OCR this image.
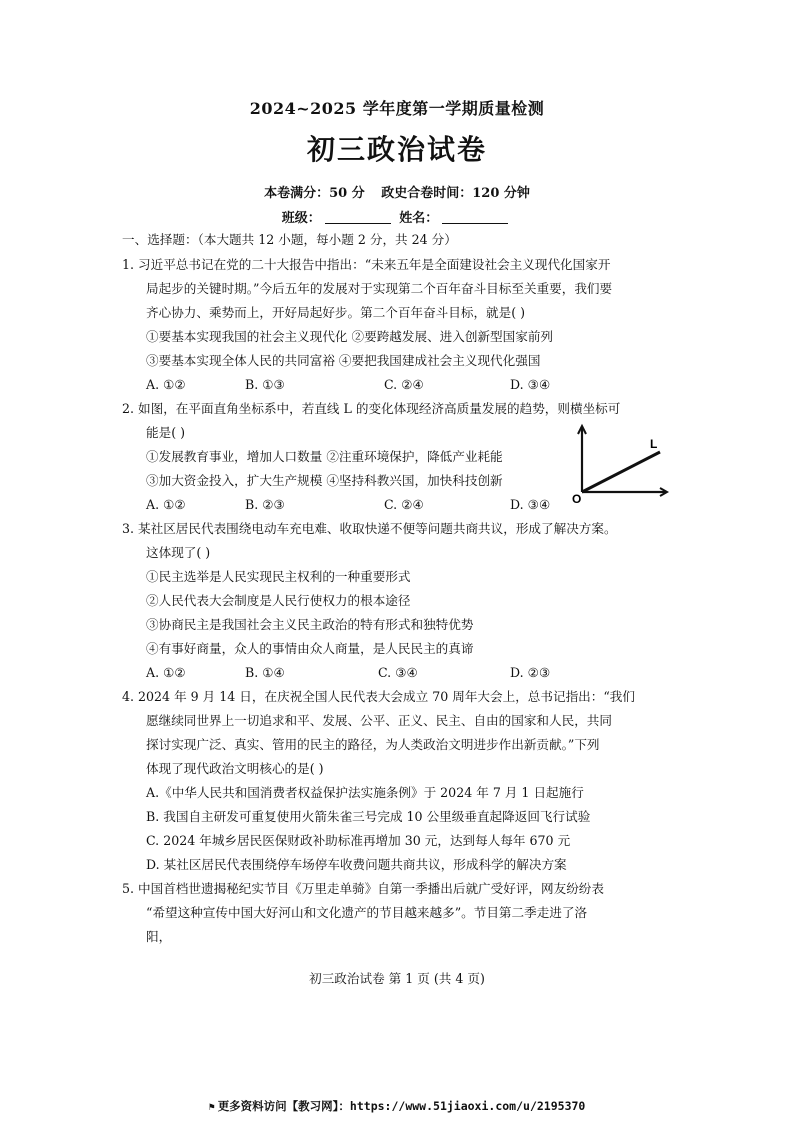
2024~2025 学年度第一学期质量检测
初三政治试卷
本卷满分：50 分 政史合卷时间：120 分钟
班级：	姓名：
一、选择题：（本大题共 12 小题，每小题 2 分，共 24 分）
1. 习近平总书记在党的二十大报告中指出：“未来五年是全面建设社会主义现代化国家开
局起步的关键时期。”今后五年的发展对于实现第二个百年奋斗目标至关重要，我们要
齐心协力、乘势而上，开好局起好步。第二个百年奋斗目标，就是( )
①要基本实现我国的社会主义现代化 ②要跨越发展、进入创新型国家前列
③要基本实现全体人民的共同富裕 ④要把我国建成社会主义现代化强国
A. ①②	B. ①③	C. ②④	D. ③④
2. 如图，在平面直角坐标系中，若直线 L 的变化体现经济高质量发展的趋势，则横坐标可
能是( )
①发展教育事业，增加人口数量 ②注重环境保护，降低产业耗能
③加大资金投入，扩大生产规模 ④坚持科教兴国，加快科技创新
A. ①②	B. ②③	C. ②④	D. ③④
L
O
3. 某社区居民代表围绕电动车充电难、收取快递不便等问题共商共议，形成了解决方案。
这体现了( )
①民主选举是人民实现民主权利的一种重要形式
②人民代表大会制度是人民行使权力的根本途径
③协商民主是我国社会主义民主政治的特有形式和独特优势
④有事好商量，众人的事情由众人商量，是人民民主的真谛
A. ①②	B. ①④	C. ③④	D. ②③
4. 2024 年 9 月 14 日，在庆祝全国人民代表大会成立 70 周年大会上，总书记指出：“我们
愿继续同世界上一切追求和平、发展、公平、正义、民主、自由的国家和人民，共同
探讨实现广泛、真实、管用的民主的路径，为人类政治文明进步作出新贡献。”下列
体现了现代政治文明核心的是( )
A.《中华人民共和国消费者权益保护法实施条例》于 2024 年 7 月 1 日起施行
B. 我国自主研发可重复使用火箭朱雀三号完成 10 公里级垂直起降返回飞行试验
C. 2024 年城乡居民医保财政补助标准再增加 30 元，达到每人每年 670 元
D. 某社区居民代表围绕停车场停车收费问题共商共议，形成科学的解决方案
5. 中国首档世遗揭秘纪实节目《万里走单骑》自第一季播出后就广受好评，网友纷纷表
“希望这种宣传中国大好河山和文化遗产的节目越来越多”。节目第二季走进了洛
阳，
初三政治试卷 第 1 页 (共 4 页)
⚑ 更多资料访问【教习网】：https://www.51jiaoxi.com/u/2195370
